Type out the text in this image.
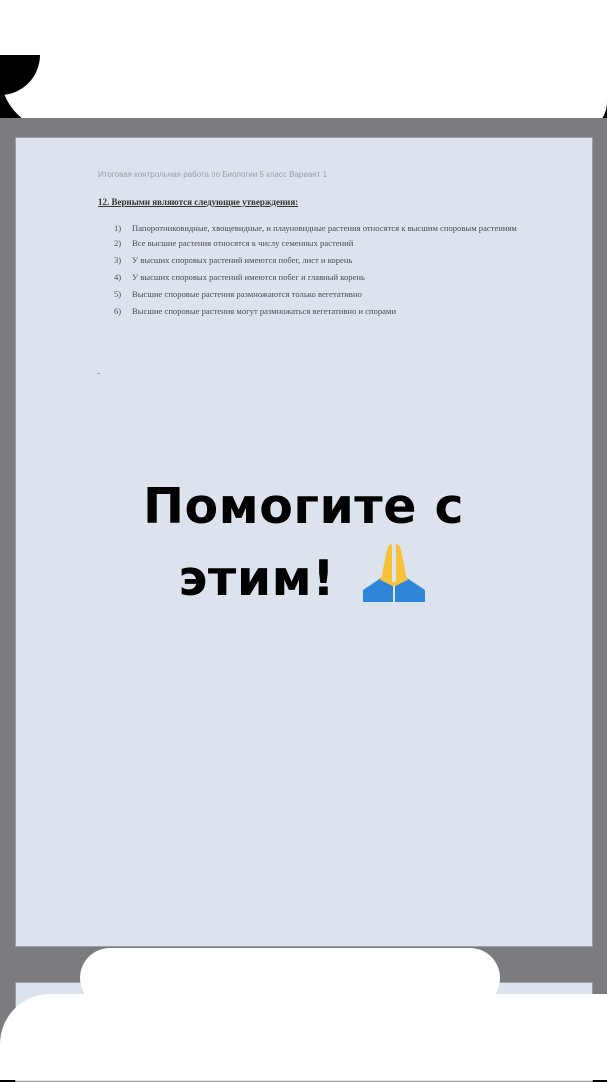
Итоговая контрольная работа по Биологии 5 класс Вариант 1
12. Верными являются следующие утверждения:
1)	Папоротниковидные, хвощевидные, и плауновидные растения относятся к высшим споровым растениям
2)	Все высшие растения относятся к числу семенных растений
3)	У высших споровых растений имеются побег, лист и корень
4)	У высших споровых растений имеются побег и главный корень
5)	Высшие споровые растения размножаются только вегетативно
6)	Высшие споровые растения могут размножаться вегетативно и спорами
-
Помогите с
этим!
